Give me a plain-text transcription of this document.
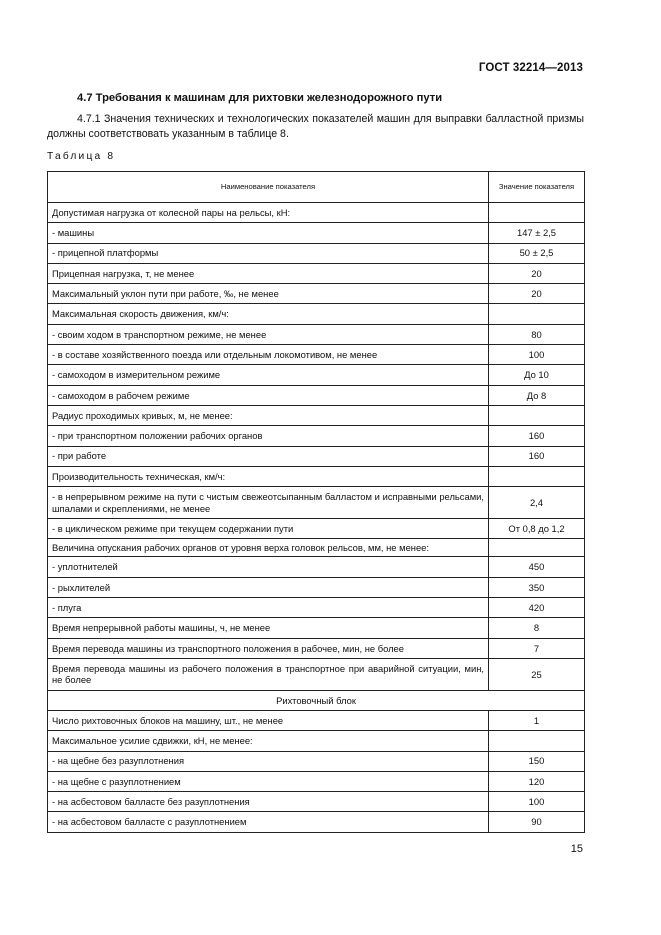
ГОСТ 32214—2013
4.7 Требования к машинам для рихтовки железнодорожного пути
4.7.1 Значения технических и технологических показателей машин для выправки балластной призмы должны соответствовать указанным в таблице 8.
Таблица 8
Наименование показателя	Значение показателя
Допустимая нагрузка от колесной пары на рельсы, кН:	
- машины	147 ± 2,5
- прицепной платформы	50 ± 2,5
Прицепная нагрузка, т, не менее	20
Максимальный уклон пути при работе, ‰, не менее	20
Максимальная скорость движения, км/ч:	
- своим ходом в транспортном режиме, не менее	80
- в составе хозяйственного поезда или отдельным локомотивом, не менее	100
- самоходом в измерительном режиме	До 10
- самоходом в рабочем режиме	До 8
Радиус проходимых кривых, м, не менее:	
- при транспортном положении рабочих органов	160
- при работе	160
Производительность техническая, км/ч:	
- в непрерывном режиме на пути с чистым свежеотсыпанным балластом и исправными рельсами, шпалами и скреплениями, не менее	2,4
- в циклическом режиме при текущем содержании пути	От 0,8 до 1,2
Величина опускания рабочих органов от уровня верха головок рельсов, мм, не менее:	
- уплотнителей	450
- рыхлителей	350
- плуга	420
Время непрерывной работы машины, ч, не менее	8
Время перевода машины из транспортного положения в рабочее, мин, не более	7
Время перевода машины из рабочего положения в транспортное при аварийной ситуации, мин, не более	25
Рихтовочный блок	
Число рихтовочных блоков на машину, шт., не менее	1
Максимальное усилие сдвижки, кН, не менее:	
- на щебне без разуплотнения	150
- на щебне с разуплотнением	120
- на асбестовом балласте без разуплотнения	100
- на асбестовом балласте с разуплотнением	90
15
